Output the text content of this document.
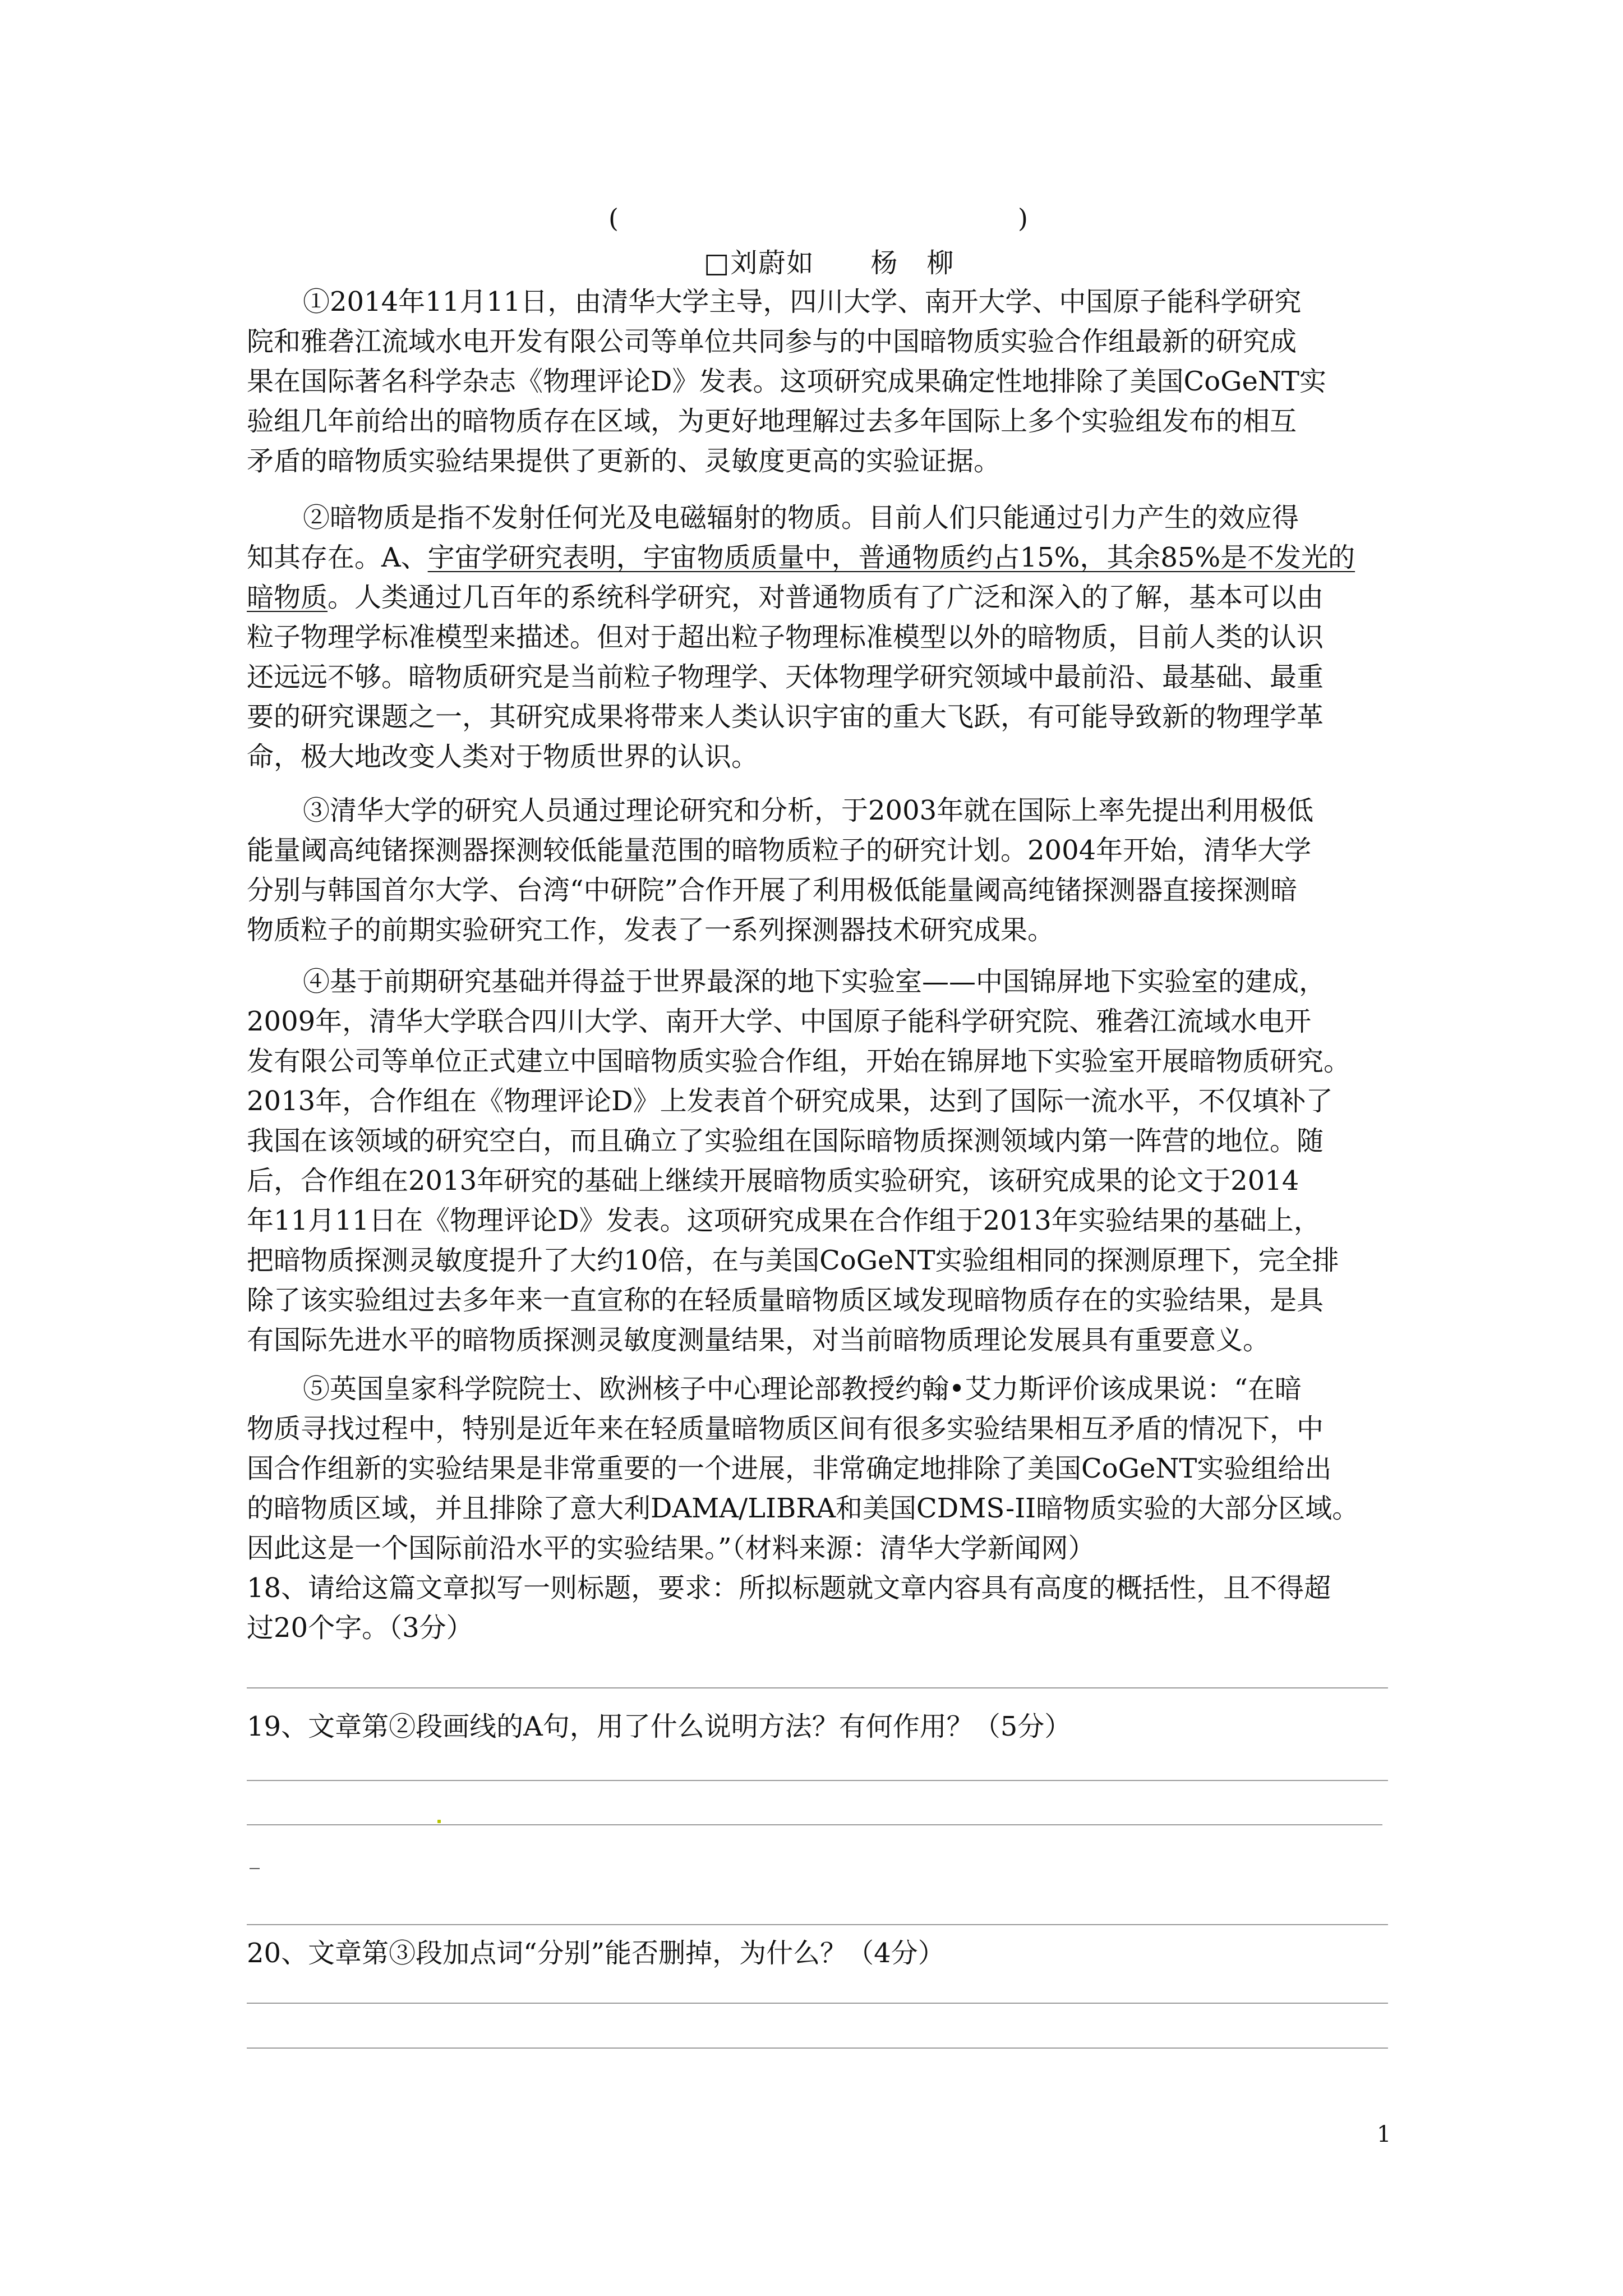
(	)
□刘蔚如　　杨　柳
①2014年11月11日，由清华大学主导，四川大学、南开大学、中国原子能科学研究
院和雅砻江流域水电开发有限公司等单位共同参与的中国暗物质实验合作组最新的研究成
果在国际著名科学杂志《物理评论D》发表。这项研究成果确定性地排除了美国CoGeNT实
验组几年前给出的暗物质存在区域，为更好地理解过去多年国际上多个实验组发布的相互
矛盾的暗物质实验结果提供了更新的、灵敏度更高的实验证据。
②暗物质是指不发射任何光及电磁辐射的物质。目前人们只能通过引力产生的效应得
知其存在。A、宇宙学研究表明，宇宙物质质量中，普通物质约占15%，其余85%是不发光的
暗物质。人类通过几百年的系统科学研究，对普通物质有了广泛和深入的了解，基本可以由
粒子物理学标准模型来描述。但对于超出粒子物理标准模型以外的暗物质，目前人类的认识
还远远不够。暗物质研究是当前粒子物理学、天体物理学研究领域中最前沿、最基础、最重
要的研究课题之一，其研究成果将带来人类认识宇宙的重大飞跃，有可能导致新的物理学革
命，极大地改变人类对于物质世界的认识。
③清华大学的研究人员通过理论研究和分析，于2003年就在国际上率先提出利用极低
能量阈高纯锗探测器探测较低能量范围的暗物质粒子的研究计划。2004年开始，清华大学
分别与韩国首尔大学、台湾“中研院”合作开展了利用极低能量阈高纯锗探测器直接探测暗
物质粒子的前期实验研究工作，发表了一系列探测器技术研究成果。
④基于前期研究基础并得益于世界最深的地下实验室——中国锦屏地下实验室的建成，
2009年，清华大学联合四川大学、南开大学、中国原子能科学研究院、雅砻江流域水电开
发有限公司等单位正式建立中国暗物质实验合作组，开始在锦屏地下实验室开展暗物质研究。
2013年，合作组在《物理评论D》上发表首个研究成果，达到了国际一流水平，不仅填补了
我国在该领域的研究空白，而且确立了实验组在国际暗物质探测领域内第一阵营的地位。随
后，合作组在2013年研究的基础上继续开展暗物质实验研究，该研究成果的论文于2014
年11月11日在《物理评论D》发表。这项研究成果在合作组于2013年实验结果的基础上，
把暗物质探测灵敏度提升了大约10倍，在与美国CoGeNT实验组相同的探测原理下，完全排
除了该实验组过去多年来一直宣称的在轻质量暗物质区域发现暗物质存在的实验结果，是具
有国际先进水平的暗物质探测灵敏度测量结果，对当前暗物质理论发展具有重要意义。
⑤英国皇家科学院院士、欧洲核子中心理论部教授约翰•艾力斯评价该成果说：“在暗
物质寻找过程中，特别是近年来在轻质量暗物质区间有很多实验结果相互矛盾的情况下，中
国合作组新的实验结果是非常重要的一个进展，非常确定地排除了美国CoGeNT实验组给出
的暗物质区域，并且排除了意大利DAMA/LIBRA和美国CDMS-II暗物质实验的大部分区域。
因此这是一个国际前沿水平的实验结果。”（材料来源：清华大学新闻网）
18、请给这篇文章拟写一则标题，要求：所拟标题就文章内容具有高度的概括性，且不得超
过20个字。（3分）
19、文章第②段画线的A句，用了什么说明方法？有何作用？（5分）
20、文章第③段加点词“分别”能否删掉，为什么？（4分）
1
